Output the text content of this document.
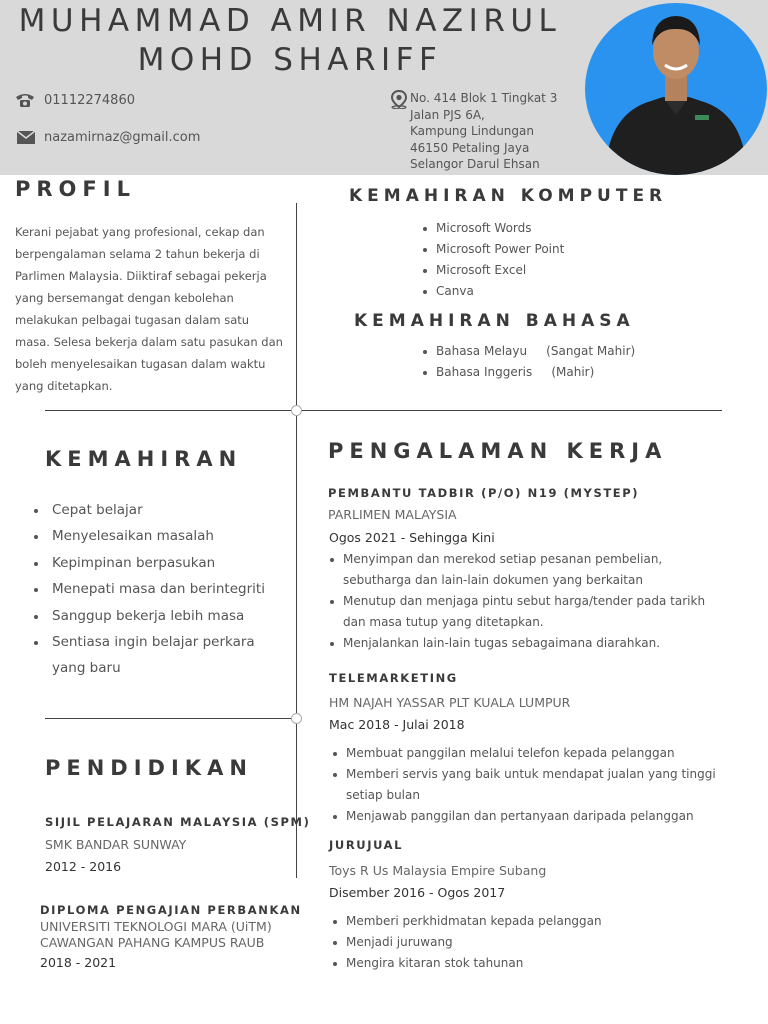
MUHAMMAD AMIR NAZIRUL
MOHD SHARIFF
01112274860
nazamirnaz@gmail.com
No. 414 Blok 1 Tingkat 3
Jalan PJS 6A,
Kampung Lindungan
46150 Petaling Jaya
Selangor Darul Ehsan
PROFIL
Kerani pejabat yang profesional, cekap dan berpengalaman selama 2 tahun bekerja di Parlimen Malaysia. Diiktiraf sebagai pekerja yang bersemangat dengan kebolehan melakukan pelbagai tugasan dalam satu masa. Selesa bekerja dalam satu pasukan dan boleh menyelesaikan tugasan dalam waktu yang ditetapkan.
KEMAHIRAN KOMPUTER
Microsoft Words
Microsoft Power Point
Microsoft Excel
Canva
KEMAHIRAN BAHASA
Bahasa Melayu     (Sangat Mahir)
Bahasa Inggeris     (Mahir)
KEMAHIRAN
Cepat belajar
Menyelesaikan masalah
Kepimpinan berpasukan
Menepati masa dan berintegriti
Sanggup bekerja lebih masa
Sentiasa ingin belajar perkara yang baru
PENDIDIKAN
SIJIL PELAJARAN MALAYSIA (SPM)
SMK BANDAR SUNWAY
2012 - 2016
DIPLOMA PENGAJIAN PERBANKAN
UNIVERSITI TEKNOLOGI MARA (UiTM)
CAWANGAN PAHANG KAMPUS RAUB
2018 - 2021
PENGALAMAN KERJA
PEMBANTU TADBIR (P/O) N19 (MYSTEP)
PARLIMEN MALAYSIA
Ogos 2021 - Sehingga Kini
Menyimpan dan merekod setiap pesanan pembelian, sebutharga dan lain-lain dokumen yang berkaitan
Menutup dan menjaga pintu sebut harga/tender pada tarikh dan masa tutup yang ditetapkan.
Menjalankan lain-lain tugas sebagaimana diarahkan.
TELEMARKETING
HM NAJAH YASSAR PLT KUALA LUMPUR
Mac 2018 - Julai 2018
Membuat panggilan melalui telefon kepada pelanggan
Memberi servis yang baik untuk mendapat jualan yang tinggi setiap bulan
Menjawab panggilan dan pertanyaan daripada pelanggan
JURUJUAL
Toys R Us Malaysia Empire Subang
Disember 2016 - Ogos 2017
Memberi perkhidmatan kepada pelanggan
Menjadi juruwang
Mengira kitaran stok tahunan
